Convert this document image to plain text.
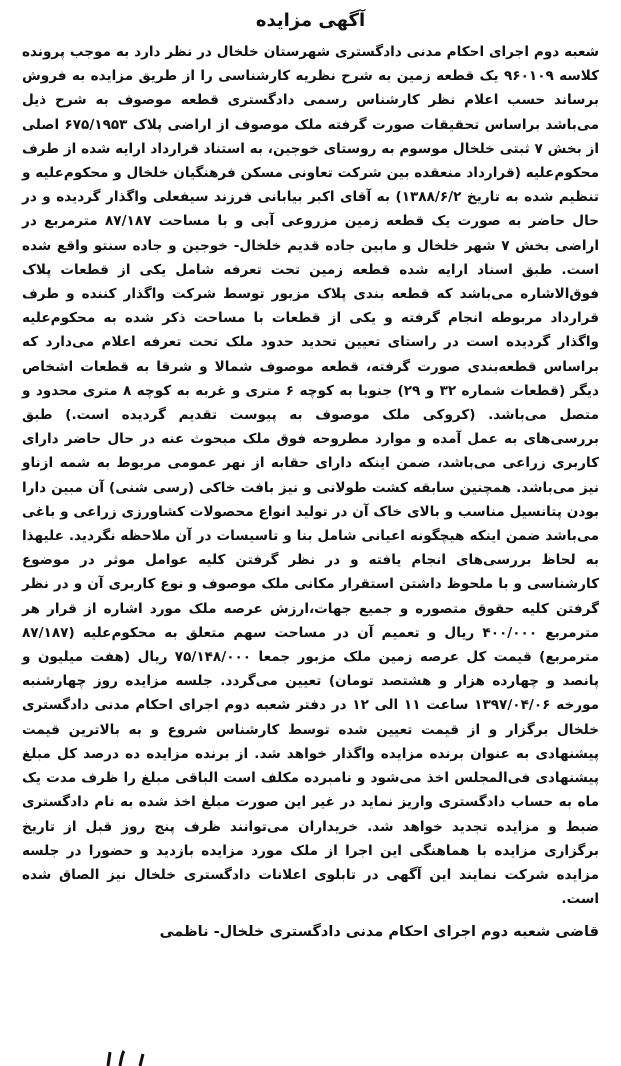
آگهی مزایده

شعبه دوم اجرای احکام مدنی دادگستری شهرستان خلخال در نظر دارد به موجب پرونده کلاسه ۹۶۰۱۰۹ یک قطعه زمین به شرح نظریه کارشناسی را از طریق مزایده به فروش برساند حسب اعلام نظر کارشناس رسمی دادگستری قطعه موصوف به شرح ذیل می‌باشد براساس تحقیقات صورت گرفته ملک موصوف از اراضی پلاک ۶۷۵/۱۹۵۳ اصلی از بخش ۷ ثبتی خلخال موسوم به روستای خوجین، به استناد قرارداد ارایه شده از طرف محکوم‌علیه (قرارداد منعقده بین شرکت تعاونی مسکن فرهنگیان خلخال و محکوم‌علیه و تنظیم شده به تاریخ ۱۳۸۸/۶/۲) به آقای اکبر بیابانی فرزند سیفعلی واگذار گردیده و در حال حاضر به صورت یک قطعه زمین مزروعی آبی و با مساحت ۸۷/۱۸۷ مترمربع در اراضی بخش ۷ شهر خلخال و مابین جاده قدیم خلخال- خوجین و جاده سنتو واقع شده است. طبق اسناد ارایه شده قطعه زمین تحت تعرفه شامل یکی از قطعات پلاک فوق‌الاشاره می‌باشد که قطعه بندی پلاک مزبور توسط شرکت واگذار کننده و طرف قرارداد مربوطه انجام گرفته و یکی از قطعات با مساحت ذکر شده به محکوم‌علیه واگذار گردیده است در راستای تعیین تحدید حدود ملک تحت تعرفه اعلام می‌دارد که براساس قطعه‌بندی صورت گرفته، قطعه موصوف شمالا و شرقا به قطعات اشخاص دیگر (قطعات شماره ۳۲ و ۲۹) جنوبا به کوچه ۶ متری و غربه به کوچه ۸ متری محدود و متصل می‌باشد. (کروکی ملک موصوف به پیوست تقدیم گردیده است.) طبق بررسی‌های به عمل آمده و موارد مطروحه فوق ملک مبحوث عنه در حال حاضر دارای کاربری زراعی می‌باشد، ضمن اینکه دارای حقابه از نهر عمومی مربوط به شمه ازناو نیز می‌باشد. همچنین سابقه کشت طولانی و نیز بافت خاکی (رسی شنی) آن مبین دارا بودن پتانسیل مناسب و بالای خاک آن در تولید انواع محصولات کشاورزی زراعی و باغی می‌باشد ضمن اینکه هیچگونه اعیانی شامل بنا و تاسیسات در آن ملاحظه نگردید. علیهذا به لحاظ بررسی‌های انجام یافته و در نظر گرفتن کلیه عوامل موثر در موضوع کارشناسی و با ملحوظ داشتن استقرار مکانی ملک موصوف و نوع کاربری آن و در نظر گرفتن کلیه حقوق متصوره و جمیع جهات،ارزش عرصه ملک مورد اشاره از قرار هر مترمربع ۴۰۰/۰۰۰ ریال و تعمیم آن در مساحت سهم متعلق به محکوم‌علیه (۸۷/۱۸۷ مترمربع) قیمت کل عرصه زمین ملک مزبور جمعا ۷۵/۱۴۸/۰۰۰ ریال (هفت میلیون و پانصد و چهارده هزار و هشتصد تومان) تعیین می‌گردد. جلسه مزایده روز چهارشنبه مورخه ۱۳۹۷/۰۴/۰۶ ساعت ۱۱ الی ۱۲ در دفتر شعبه دوم اجرای احکام مدنی دادگستری خلخال برگزار و از قیمت تعیین شده توسط کارشناس شروع و به بالاترین قیمت پیشنهادی به عنوان برنده مزایده واگذار خواهد شد. از برنده مزایده ده درصد کل مبلغ پیشنهادی فی‌المجلس اخذ می‌شود و نامبرده مکلف است الباقی مبلغ را ظرف مدت یک ماه به حساب دادگستری واریز نماید در غیر این صورت مبلغ اخذ شده به نام دادگستری ضبط و مزایده تجدید خواهد شد. خریداران می‌توانند ظرف پنج روز قبل از تاریخ برگزاری مزایده با هماهنگی این اجرا از ملک مورد مزایده بازدید و حضورا در جلسه مزایده شرکت نمایند این آگهی در تابلوی اعلانات دادگستری خلخال نیز الصاق شده است.

قاضی شعبه دوم اجرای احکام مدنی دادگستری خلخال- ناظمی
